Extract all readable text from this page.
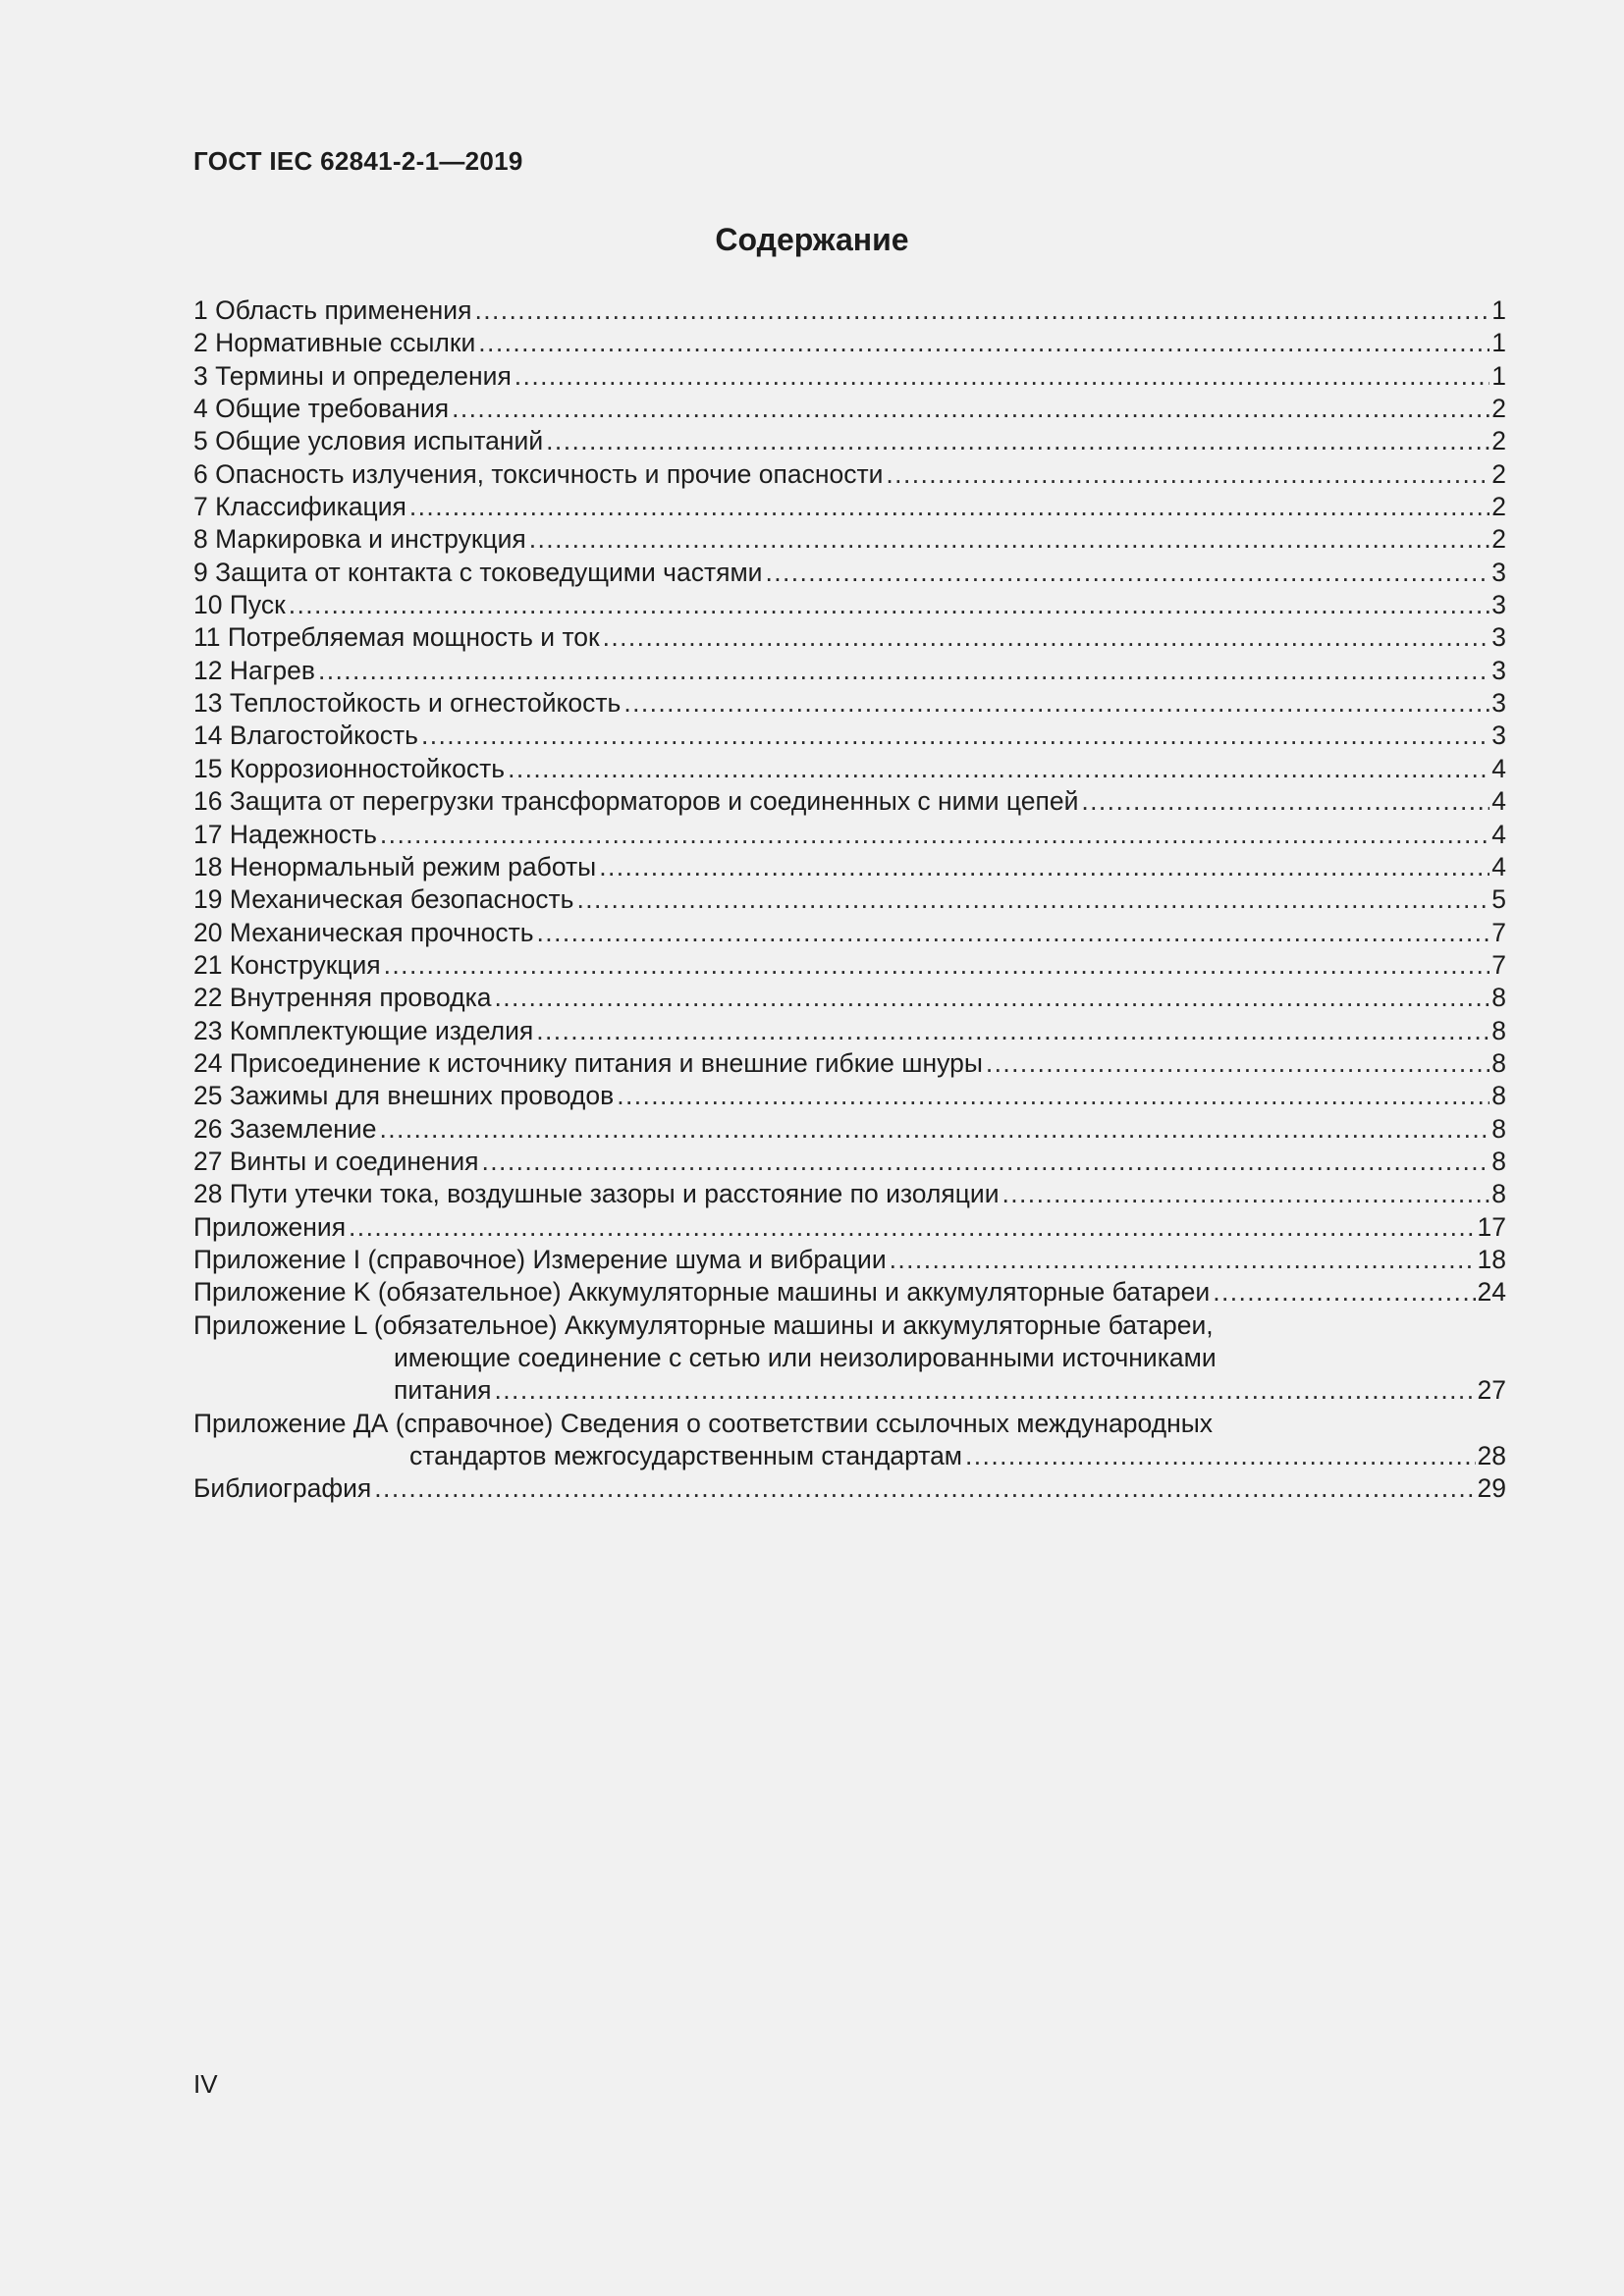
ГОСТ IEC 62841-2-1—2019
Содержание
1 Область применения .....	1
2 Нормативные ссылки .....	1
3 Термины и определения .....	1
4 Общие требования .....	2
5 Общие условия испытаний .....	2
6 Опасность излучения, токсичность и прочие опасности .....	2
7 Классификация .....	2
8 Маркировка и инструкция .....	2
9 Защита от контакта с токоведущими частями .....	3
10 Пуск .....	3
11 Потребляемая мощность и ток .....	3
12 Нагрев .....	3
13 Теплостойкость и огнестойкость .....	3
14 Влагостойкость .....	3
15 Коррозионностойкость .....	4
16 Защита от перегрузки трансформаторов и соединенных с ними цепей .....	4
17 Надежность .....	4
18 Ненормальный режим работы .....	4
19 Механическая безопасность .....	5
20 Механическая прочность .....	7
21 Конструкция .....	7
22 Внутренняя проводка .....	8
23 Комплектующие изделия .....	8
24 Присоединение к источнику питания и внешние гибкие шнуры .....	8
25 Зажимы для внешних проводов .....	8
26 Заземление .....	8
27 Винты и соединения .....	8
28 Пути утечки тока, воздушные зазоры и расстояние по изоляции .....	8
Приложения .....	17
Приложение I (справочное) Измерение шума и вибрации .....	18
Приложение K (обязательное) Аккумуляторные машины и аккумуляторные батареи .....	24
Приложение L (обязательное) Аккумуляторные машины и аккумуляторные батареи,
имеющие соединение с сетью или неизолированными источниками
питания .....	27
Приложение ДА (справочное) Сведения о соответствии ссылочных международных
стандартов межгосударственным стандартам .....	28
Библиография .....	29
IV
